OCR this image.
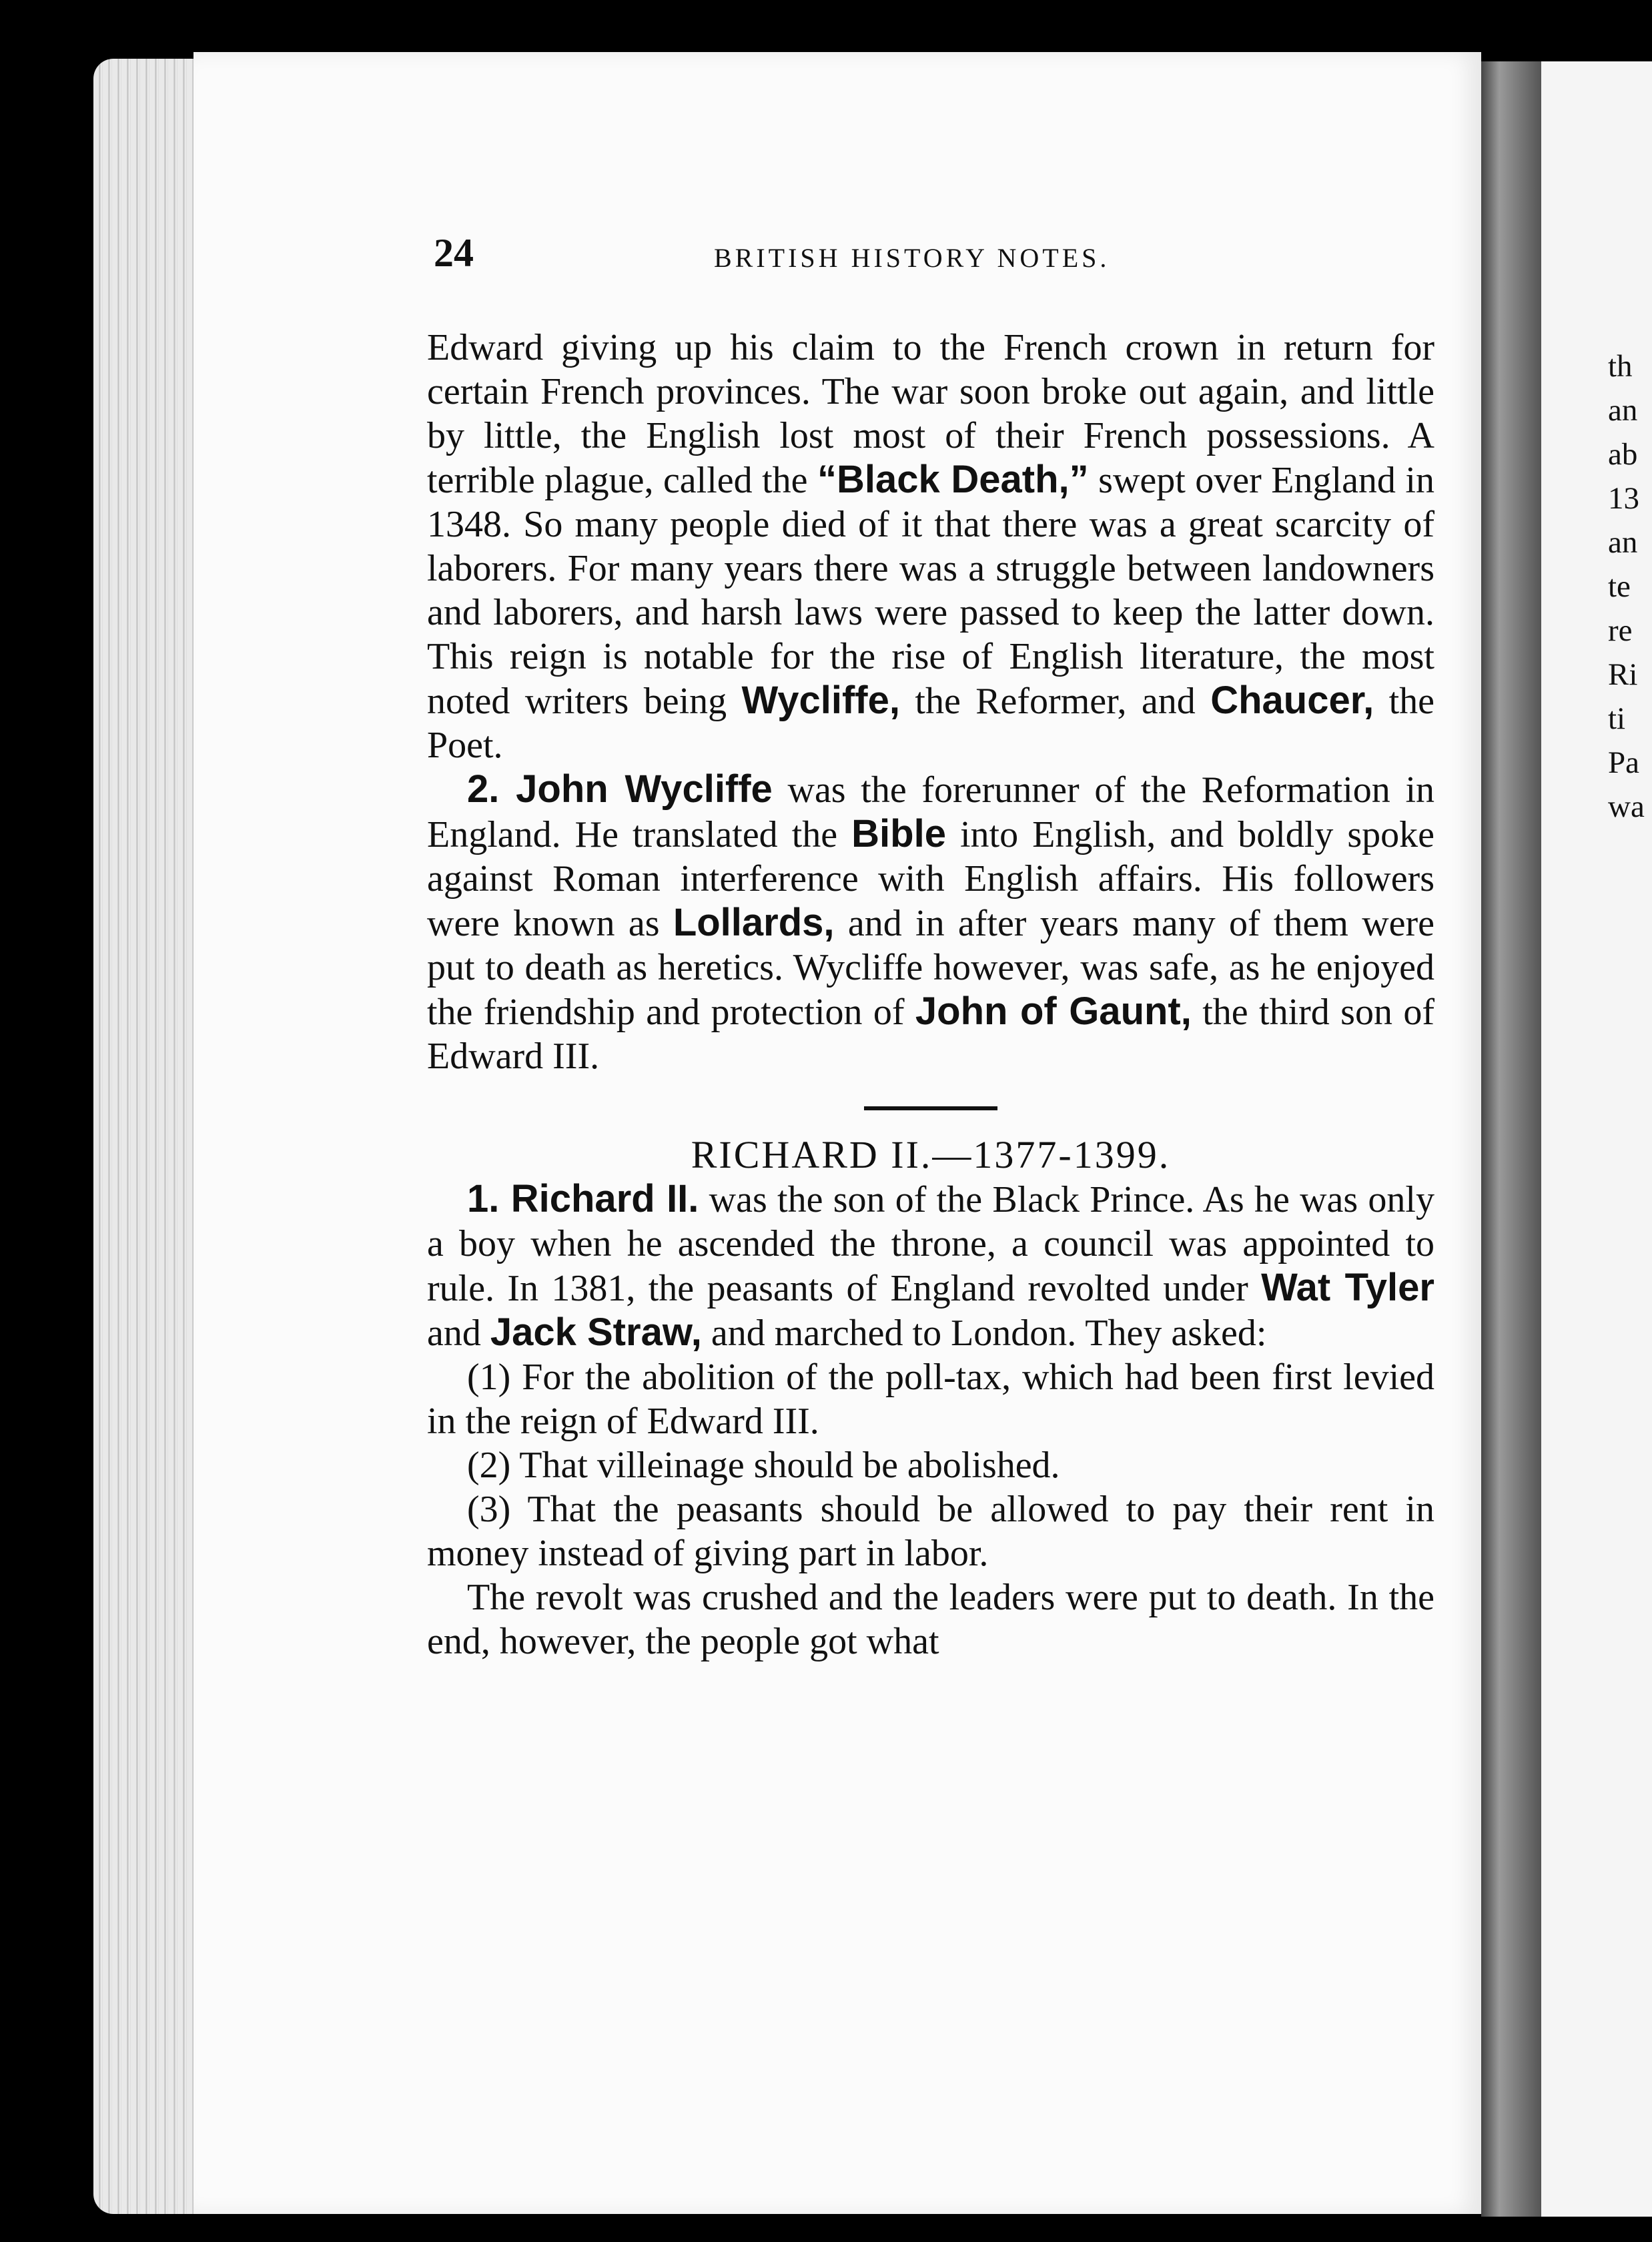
th
an
ab
13
an
te
re
Ri
ti
Pa
wa
24	BRITISH HISTORY NOTES.

Edward giving up his claim to the French crown in return for certain French provinces. The war soon broke out again, and little by little, the English lost most of their French possessions. A terrible plague, called the “Black Death,” swept over England in 1348. So many people died of it that there was a great scarcity of laborers. For many years there was a struggle between landowners and laborers, and harsh laws were passed to keep the latter down. This reign is notable for the rise of English literature, the most noted writers being Wycliffe, the Reformer, and Chaucer, the Poet.

2. John Wycliffe was the forerunner of the Reformation in England. He translated the Bible into English, and boldly spoke against Roman interference with English affairs. His followers were known as Lollards, and in after years many of them were put to death as heretics. Wycliffe however, was safe, as he enjoyed the friendship and protection of John of Gaunt, the third son of Edward III.

RICHARD II.—1377-1399.

1. Richard II. was the son of the Black Prince. As he was only a boy when he ascended the throne, a council was appointed to rule. In 1381, the peasants of England revolted under Wat Tyler and Jack Straw, and marched to London. They asked:

(1) For the abolition of the poll-tax, which had been first levied in the reign of Edward III.

(2) That villeinage should be abolished.

(3) That the peasants should be allowed to pay their rent in money instead of giving part in labor.

The revolt was crushed and the leaders were put to death. In the end, however, the people got what
